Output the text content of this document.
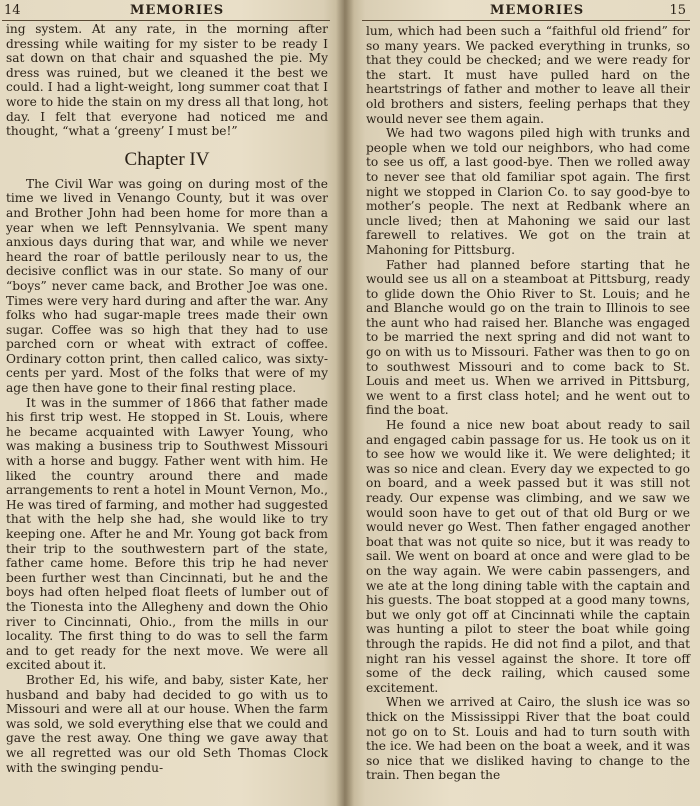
14	MEMORIES

ing system. At any rate, in the morning after dressing while waiting for my sister to be ready I sat down on that chair and squashed the pie. My dress was ruined, but we cleaned it the best we could. I had a light-weight, long summer coat that I wore to hide the stain on my dress all that long, hot day. I felt that everyone had noticed me and thought, “what a ‘greeny’ I must be!”

Chapter IV

The Civil War was going on during most of the time we lived in Venango County, but it was over and Brother John had been home for more than a year when we left Pennsylvania. We spent many anxious days during that war, and while we never heard the roar of battle perilously near to us, the decisive conflict was in our state. So many of our “boys” never came back, and Brother Joe was one. Times were very hard during and after the war. Any folks who had sugar-maple trees made their own sugar. Coffee was so high that they had to use parched corn or wheat with extract of coffee. Ordinary cotton print, then called calico, was sixty-cents per yard. Most of the folks that were of my age then have gone to their final resting place.

It was in the summer of 1866 that father made his first trip west. He stopped in St. Louis, where he became acquainted with Lawyer Young, who was making a business trip to Southwest Missouri with a horse and buggy. Father went with him. He liked the country around there and made arrangements to rent a hotel in Mount Vernon, Mo., He was tired of farming, and mother had suggested that with the help she had, she would like to try keeping one. After he and Mr. Young got back from their trip to the southwestern part of the state, father came home. Before this trip he had never been further west than Cincinnati, but he and the boys had often helped float fleets of lumber out of the Tionesta into the Allegheny and down the Ohio river to Cincinnati, Ohio., from the mills in our locality. The first thing to do was to sell the farm and to get ready for the next move. We were all excited about it.

Brother Ed, his wife, and baby, sister Kate, her husband and baby had decided to go with us to Missouri and were all at our house. When the farm was sold, we sold everything else that we could and gave the rest away. One thing we gave away that we all regretted was our old Seth Thomas Clock with the swinging pendu-

MEMORIES	15

lum, which had been such a “faithful old friend” for so many years. We packed everything in trunks, so that they could be checked; and we were ready for the start. It must have pulled hard on the heartstrings of father and mother to leave all their old brothers and sisters, feeling perhaps that they would never see them again.

We had two wagons piled high with trunks and people when we told our neighbors, who had come to see us off, a last good-bye. Then we rolled away to never see that old familiar spot again. The first night we stopped in Clarion Co. to say good-bye to mother’s people. The next at Redbank where an uncle lived; then at Mahoning we said our last farewell to relatives. We got on the train at Mahoning for Pittsburg.

Father had planned before starting that he would see us all on a steamboat at Pittsburg, ready to glide down the Ohio River to St. Louis; and he and Blanche would go on the train to Illinois to see the aunt who had raised her. Blanche was engaged to be married the next spring and did not want to go on with us to Missouri. Father was then to go on to southwest Missouri and to come back to St. Louis and meet us. When we arrived in Pittsburg, we went to a first class hotel; and he went out to find the boat.

He found a nice new boat about ready to sail and engaged cabin passage for us. He took us on it to see how we would like it. We were delighted; it was so nice and clean. Every day we expected to go on board, and a week passed but it was still not ready. Our expense was climbing, and we saw we would soon have to get out of that old Burg or we would never go West. Then father engaged another boat that was not quite so nice, but it was ready to sail. We went on board at once and were glad to be on the way again. We were cabin passengers, and we ate at the long dining table with the captain and his guests. The boat stopped at a good many towns, but we only got off at Cincinnati while the captain was hunting a pilot to steer the boat while going through the rapids. He did not find a pilot, and that night ran his vessel against the shore. It tore off some of the deck railing, which caused some excitement.

When we arrived at Cairo, the slush ice was so thick on the Mississippi River that the boat could not go on to St. Louis and had to turn south with the ice. We had been on the boat a week, and it was so nice that we disliked having to change to the train. Then began the
